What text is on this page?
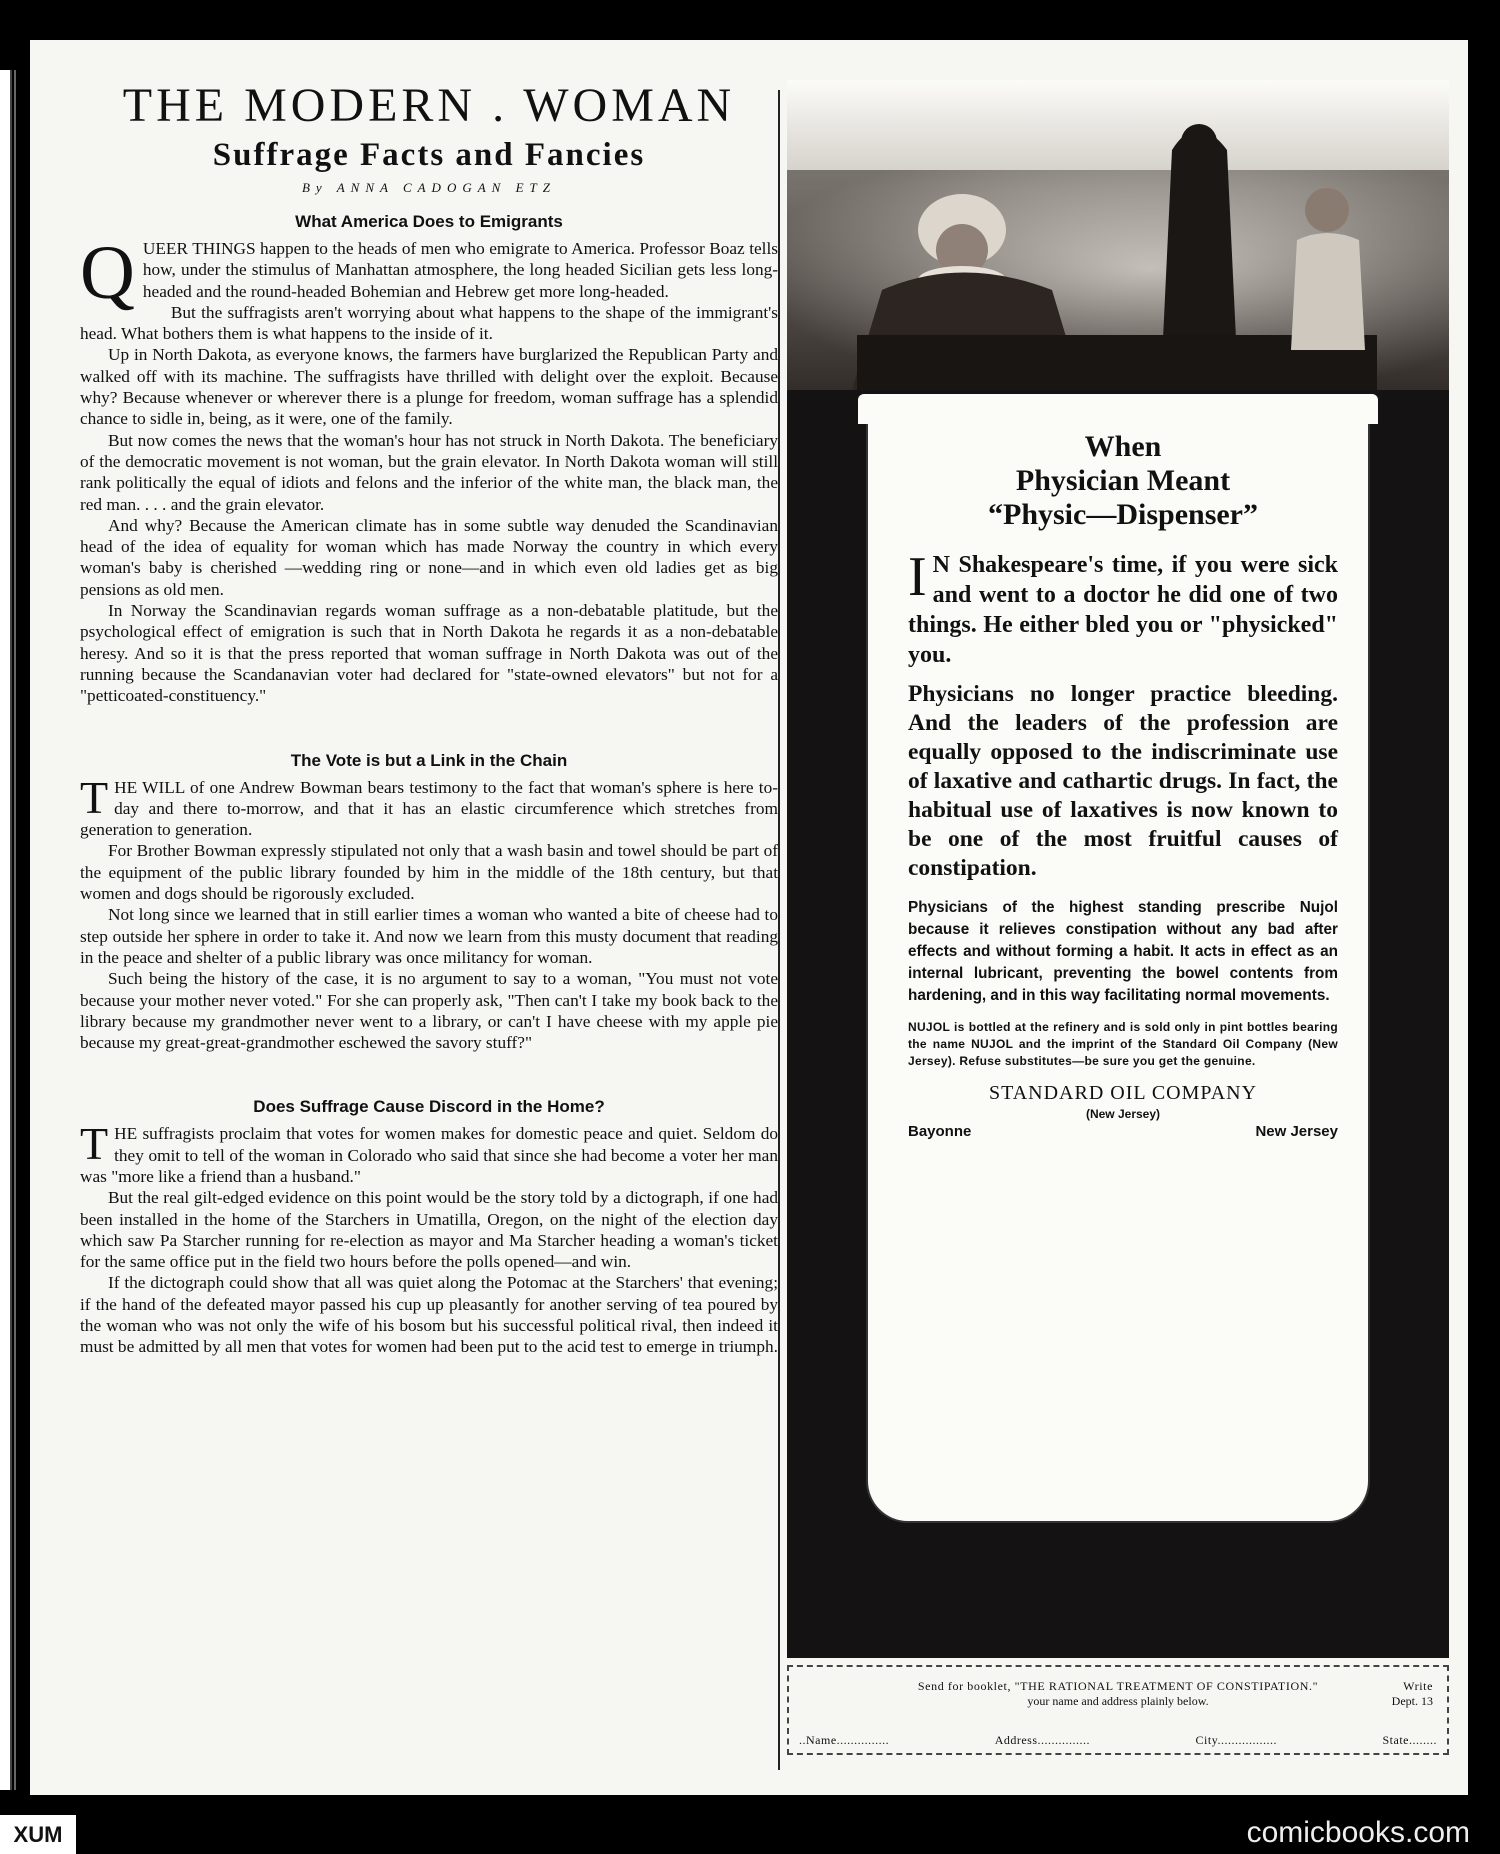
THE MODERN . WOMAN
Suffrage Facts and Fancies
By ANNA CADOGAN ETZ
What America Does to Emigrants

QUEER THINGS happen to the heads of men who emigrate to America. Professor Boaz tells how, under the stimulus of Manhattan atmosphere, the long headed Sicilian gets less long-headed and the round-headed Bohemian and Hebrew get more long-headed.

But the suffragists aren't worrying about what happens to the shape of the immigrant's head. What bothers them is what happens to the inside of it.

Up in North Dakota, as everyone knows, the farmers have burglarized the Republican Party and walked off with its machine. The suffragists have thrilled with delight over the exploit. Because why? Because whenever or wherever there is a plunge for freedom, woman suffrage has a splendid chance to sidle in, being, as it were, one of the family.

But now comes the news that the woman's hour has not struck in North Dakota. The beneficiary of the democratic movement is not woman, but the grain elevator. In North Dakota woman will still rank politically the equal of idiots and felons and the inferior of the white man, the black man, the red man. . . . and the grain elevator.

And why? Because the American climate has in some subtle way denuded the Scandinavian head of the idea of equality for woman which has made Norway the country in which every woman's baby is cherished —wedding ring or none—and in which even old ladies get as big pensions as old men.

In Norway the Scandinavian regards woman suffrage as a non-debatable platitude, but the psychological effect of emigration is such that in North Dakota he regards it as a non-debatable heresy. And so it is that the press reported that woman suffrage in North Dakota was out of the running because the Scandanavian voter had declared for "state-owned elevators" but not for a "petticoated-constituency."

The Vote is but a Link in the Chain

THE WILL of one Andrew Bowman bears testimony to the fact that woman's sphere is here to-day and there to-morrow, and that it has an elastic circumference which stretches from generation to generation.

For Brother Bowman expressly stipulated not only that a wash basin and towel should be part of the equipment of the public library founded by him in the middle of the 18th century, but that women and dogs should be rigorously excluded.

Not long since we learned that in still earlier times a woman who wanted a bite of cheese had to step outside her sphere in order to take it. And now we learn from this musty document that reading in the peace and shelter of a public library was once militancy for woman.

Such being the history of the case, it is no argument to say to a woman, "You must not vote because your mother never voted." For she can properly ask, "Then can't I take my book back to the library because my grandmother never went to a library, or can't I have cheese with my apple pie because my great-great-grandmother eschewed the savory stuff?"

Does Suffrage Cause Discord in the Home?

THE suffragists proclaim that votes for women makes for domestic peace and quiet. Seldom do they omit to tell of the woman in Colorado who said that since she had become a voter her man was "more like a friend than a husband."

But the real gilt-edged evidence on this point would be the story told by a dictograph, if one had been installed in the home of the Starchers in Umatilla, Oregon, on the night of the election day which saw Pa Starcher running for re-election as mayor and Ma Starcher heading a woman's ticket for the same office put in the field two hours before the polls opened—and win.

If the dictograph could show that all was quiet along the Potomac at the Starchers' that evening; if the hand of the defeated mayor passed his cup up pleasantly for another serving of tea poured by the woman who was not only the wife of his bosom but his successful political rival, then indeed it must be admitted by all men that votes for women had been put to the acid test to emerge in triumph.

When
Physician Meant
“Physic—Dispenser”

I N Shakespeare's time, if you were sick and went to a doctor he did one of two things. He either bled you or "physicked" you.

Physicians no longer practice bleeding. And the leaders of the profession are equally opposed to the indiscriminate use of laxative and cathartic drugs. In fact, the habitual use of laxatives is now known to be one of the most fruitful causes of constipation.

Physicians of the highest standing prescribe Nujol because it relieves constipation without any bad after effects and without forming a habit. It acts in effect as an internal lubricant, preventing the bowel contents from hardening, and in this way facilitating normal movements.

NUJOL is bottled at the refinery and is sold only in pint bottles bearing the name NUJOL and the imprint of the Standard Oil Company (New Jersey). Refuse substitutes—be sure you get the genuine.

STANDARD OIL COMPANY
(New Jersey)
Bayonne	New Jersey
Send for booklet, "THE RATIONAL TREATMENT OF CONSTIPATION."	Write
your name and address plainly below.	Dept. 13
..Name...............	Address...............	City.................	State........
XUM	comicbooks.com
